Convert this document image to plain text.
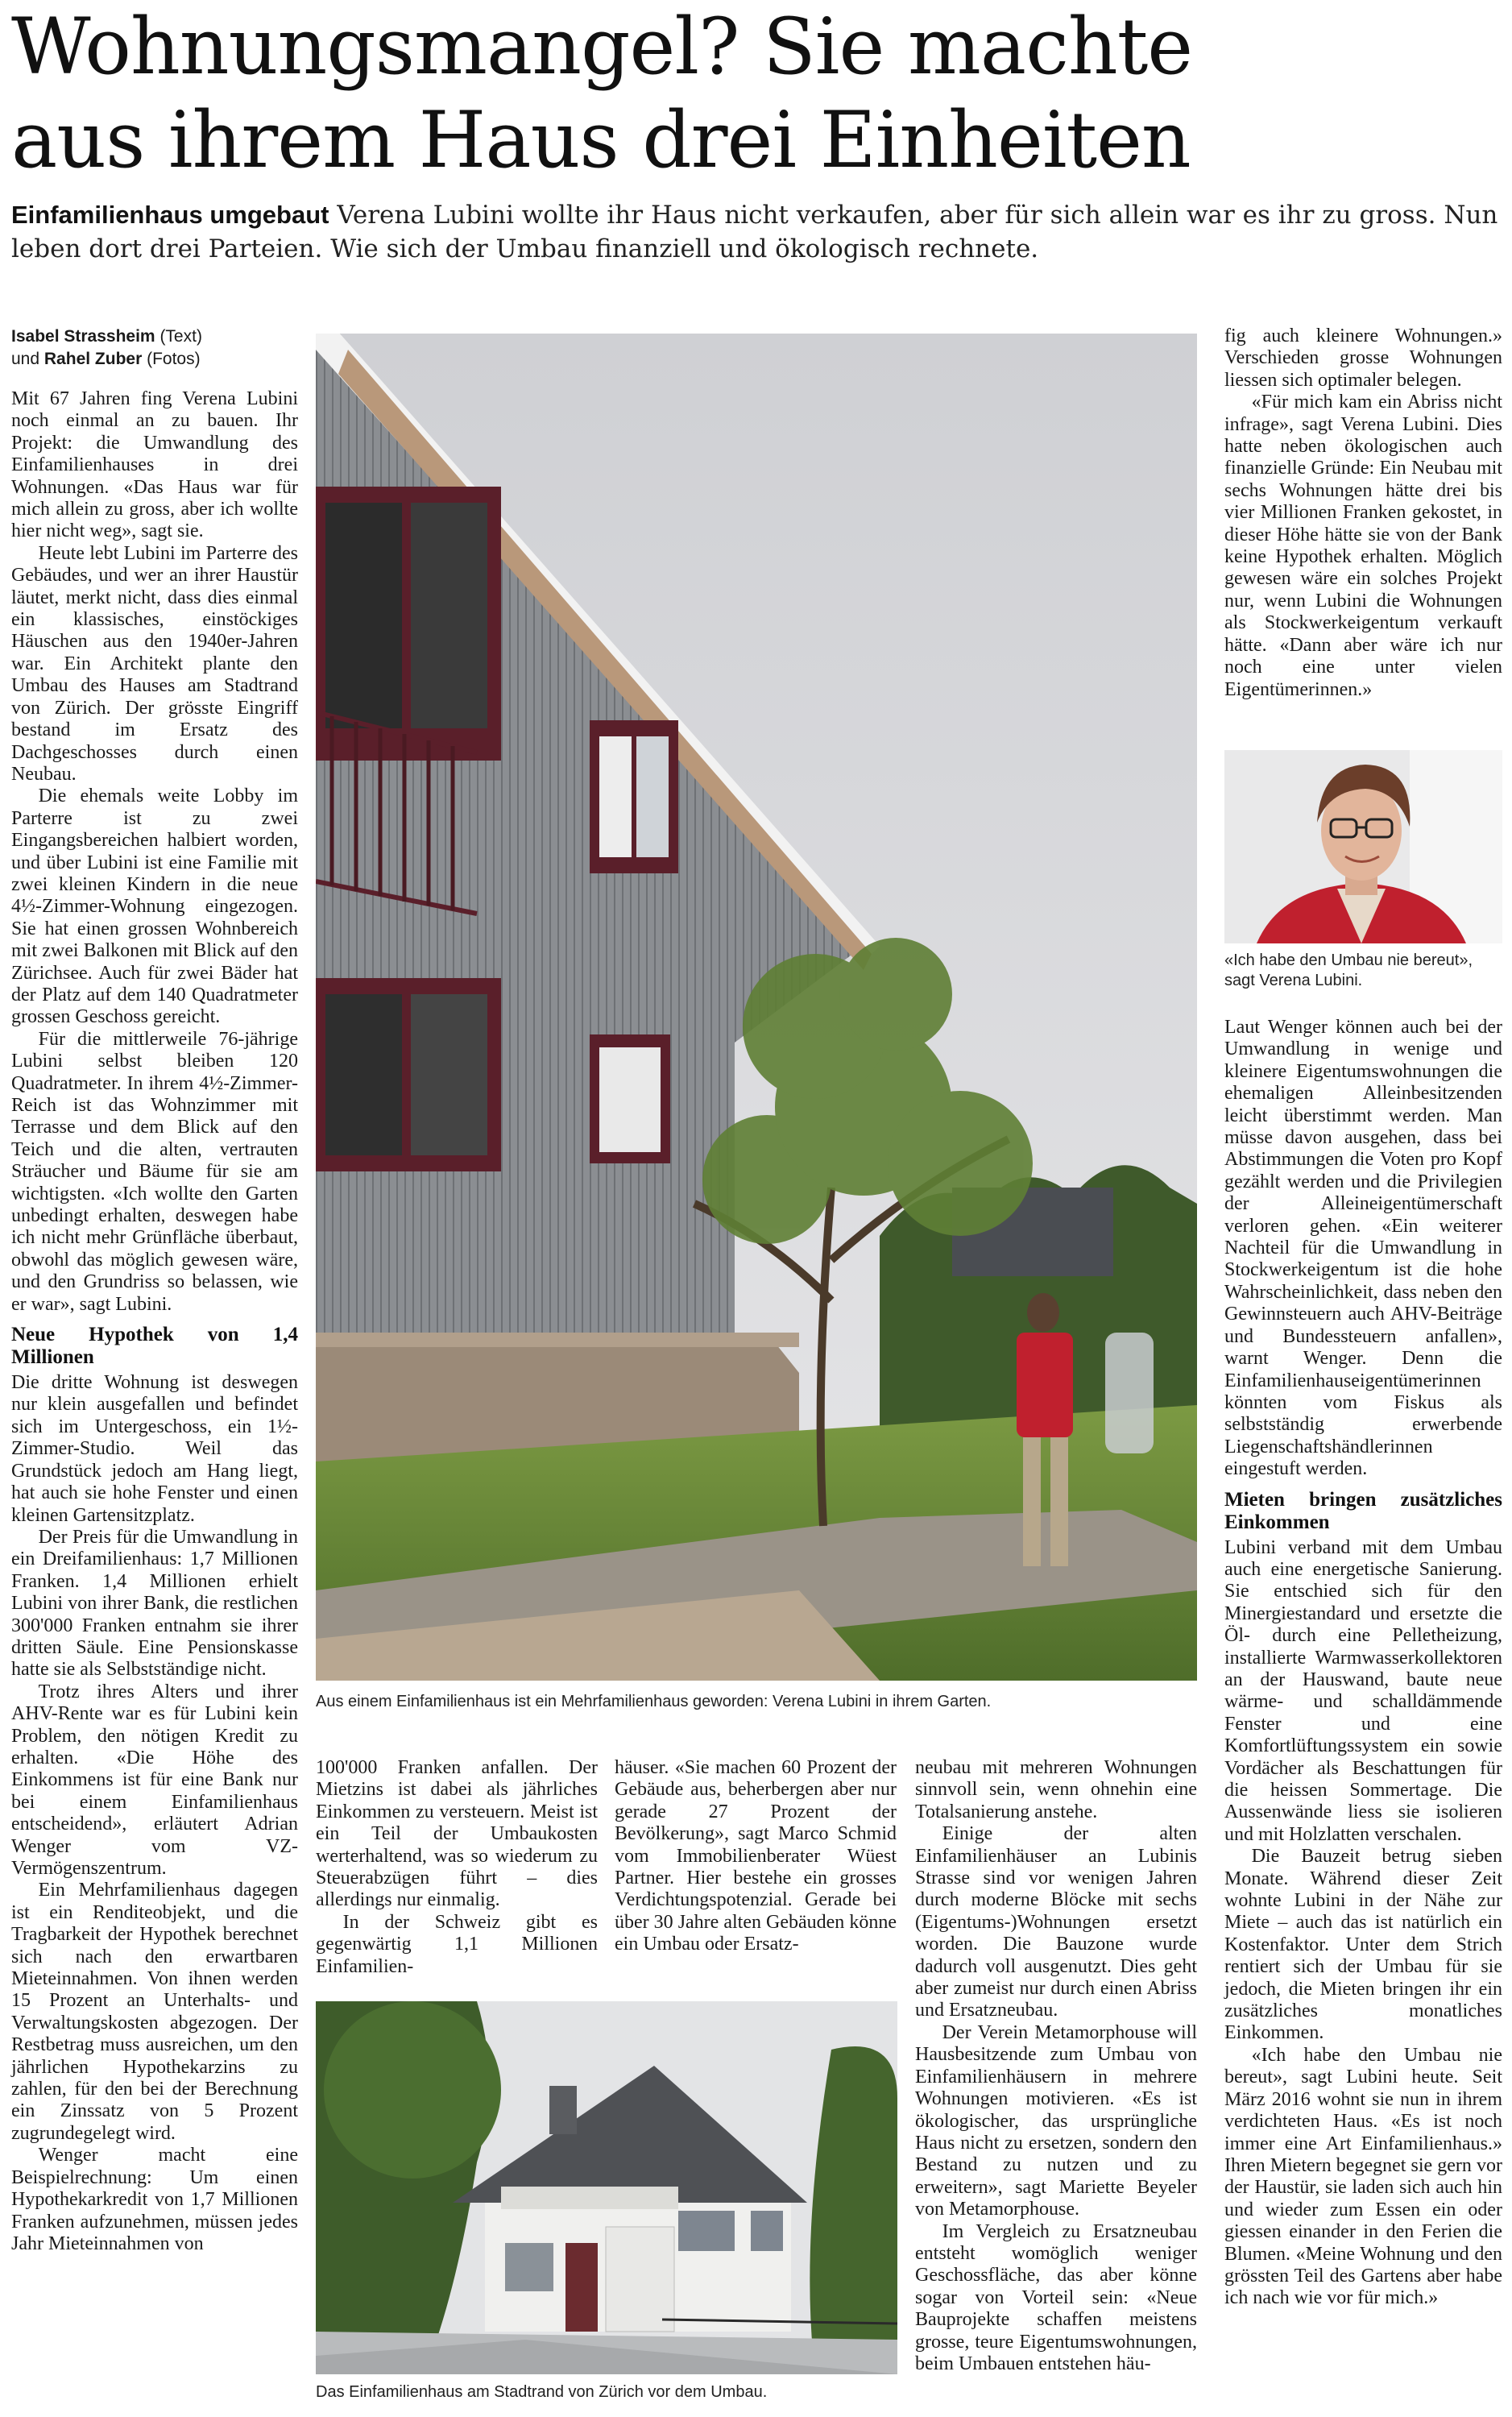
Wohnungsmangel? Sie machte
aus ihrem Haus drei Einheiten
Einfamilienhaus umgebaut Verena Lubini wollte ihr Haus nicht verkaufen, aber für sich allein war es ihr zu gross. Nun leben dort drei Parteien. Wie sich der Umbau finanziell und ökologisch rechnete.
Isabel Strassheim (Text)
und Rahel Zuber (Fotos)

Mit 67 Jahren fing Verena Lubini noch einmal an zu bauen. Ihr Projekt: die Umwandlung des Einfamilienhauses in drei Wohnungen. «Das Haus war für mich allein zu gross, aber ich wollte hier nicht weg», sagt sie.

Heute lebt Lubini im Parterre des Gebäudes, und wer an ihrer Haustür läutet, merkt nicht, dass dies einmal ein klassisches, einstöckiges Häuschen aus den 1940er-Jahren war. Ein Architekt plante den Umbau des Hauses am Stadtrand von Zürich. Der grösste Eingriff bestand im Ersatz des Dachgeschosses durch einen Neubau.

Die ehemals weite Lobby im Parterre ist zu zwei Eingangsbereichen halbiert worden, und über Lubini ist eine Familie mit zwei kleinen Kindern in die neue 4½-Zimmer-Wohnung eingezogen. Sie hat einen grossen Wohnbereich mit zwei Balkonen mit Blick auf den Zürichsee. Auch für zwei Bäder hat der Platz auf dem 140 Quadratmeter grossen Geschoss gereicht.

Für die mittlerweile 76-jährige Lubini selbst bleiben 120 Quadratmeter. In ihrem 4½-Zimmer-Reich ist das Wohnzimmer mit Terrasse und dem Blick auf den Teich und die alten, vertrauten Sträucher und Bäume für sie am wichtigsten. «Ich wollte den Garten unbedingt erhalten, deswegen habe ich nicht mehr Grünfläche überbaut, obwohl das möglich gewesen wäre, und den Grundriss so belassen, wie er war», sagt Lubini.

Neue Hypothek von 1,4 Millionen

Die dritte Wohnung ist deswegen nur klein ausgefallen und befindet sich im Untergeschoss, ein 1½-Zimmer-Studio. Weil das Grundstück jedoch am Hang liegt, hat auch sie hohe Fenster und einen kleinen Gartensitzplatz.

Der Preis für die Umwandlung in ein Dreifamilienhaus: 1,7 Millionen Franken. 1,4 Millionen erhielt Lubini von ihrer Bank, die restlichen 300'000 Franken entnahm sie ihrer dritten Säule. Eine Pensionskasse hatte sie als Selbstständige nicht.

Trotz ihres Alters und ihrer AHV-Rente war es für Lubini kein Problem, den nötigen Kredit zu erhalten. «Die Höhe des Einkommens ist für eine Bank nur bei einem Einfamilienhaus entscheidend», erläutert Adrian Wenger vom VZ-Vermögenszentrum.

Ein Mehrfamilienhaus dagegen ist ein Renditeobjekt, und die Tragbarkeit der Hypothek berechnet sich nach den erwartbaren Mieteinnahmen. Von ihnen werden 15 Prozent an Unterhalts- und Verwaltungskosten abgezogen. Der Restbetrag muss ausreichen, um den jährlichen Hypothekarzins zu zahlen, für den bei der Berechnung ein Zinssatz von 5 Prozent zugrundegelegt wird.

Wenger macht eine Beispielrechnung: Um einen Hypothekarkredit von 1,7 Millionen Franken aufzunehmen, müssen jedes Jahr Mieteinnahmen von

Aus einem Einfamilienhaus ist ein Mehrfamilienhaus geworden: Verena Lubini in ihrem Garten.

100'000 Franken anfallen. Der Mietzins ist dabei als jährliches Einkommen zu versteuern. Meist ist ein Teil der Umbaukosten werterhaltend, was so wiederum zu Steuerabzügen führt – dies allerdings nur einmalig.

In der Schweiz gibt es gegenwärtig 1,1 Millionen Einfamilien-

häuser. «Sie machen 60 Prozent der Gebäude aus, beherbergen aber nur gerade 27 Prozent der Bevölkerung», sagt Marco Schmid vom Immobilienberater Wüest Partner. Hier bestehe ein grosses Verdichtungspotenzial. Gerade bei über 30 Jahre alten Gebäuden könne ein Umbau oder Ersatz-

Das Einfamilienhaus am Stadtrand von Zürich vor dem Umbau.

neubau mit mehreren Wohnungen sinnvoll sein, wenn ohnehin eine Totalsanierung anstehe.

Einige der alten Einfamilienhäuser an Lubinis Strasse sind vor wenigen Jahren durch moderne Blöcke mit sechs (Eigentums-)Wohnungen ersetzt worden. Die Bauzone wurde dadurch voll ausgenutzt. Dies geht aber zumeist nur durch einen Abriss und Ersatzneubau.

Der Verein Metamorphouse will Hausbesitzende zum Umbau von Einfamilienhäusern in mehrere Wohnungen motivieren. «Es ist ökologischer, das ursprüngliche Haus nicht zu ersetzen, sondern den Bestand zu nutzen und zu erweitern», sagt Mariette Beyeler von Metamorphouse.

Im Vergleich zu Ersatzneubau entsteht womöglich weniger Geschossfläche, das aber könne sogar von Vorteil sein: «Neue Bauprojekte schaffen meistens grosse, teure Eigentumswohnungen, beim Umbauen entstehen häu-

fig auch kleinere Wohnungen.» Verschieden grosse Wohnungen liessen sich optimaler belegen.

«Für mich kam ein Abriss nicht infrage», sagt Verena Lubini. Dies hatte neben ökologischen auch finanzielle Gründe: Ein Neubau mit sechs Wohnungen hätte drei bis vier Millionen Franken gekostet, in dieser Höhe hätte sie von der Bank keine Hypothek erhalten. Möglich gewesen wäre ein solches Projekt nur, wenn Lubini die Wohnungen als Stockwerkeigentum verkauft hätte. «Dann aber wäre ich nur noch eine unter vielen Eigentümerinnen.»

«Ich habe den Umbau nie bereut», sagt Verena Lubini.

Laut Wenger können auch bei der Umwandlung in wenige und kleinere Eigentumswohnungen die ehemaligen Alleinbesitzenden leicht überstimmt werden. Man müsse davon ausgehen, dass bei Abstimmungen die Voten pro Kopf gezählt werden und die Privilegien der Alleineigentümerschaft verloren gehen. «Ein weiterer Nachteil für die Umwandlung in Stockwerkeigentum ist die hohe Wahrscheinlichkeit, dass neben den Gewinnsteuern auch AHV-Beiträge und Bundessteuern anfallen», warnt Wenger. Denn die Einfamilienhauseigentümerinnen könnten vom Fiskus als selbstständig erwerbende Liegenschaftshändlerinnen eingestuft werden.

Mieten bringen zusätzliches Einkommen

Lubini verband mit dem Umbau auch eine energetische Sanierung. Sie entschied sich für den Minergiestandard und ersetzte die Öl- durch eine Pelletheizung, installierte Warmwasserkollektoren an der Hauswand, baute neue wärme- und schalldämmende Fenster und eine Komfortlüftungssystem ein sowie Vordächer als Beschattungen für die heissen Sommertage. Die Aussenwände liess sie isolieren und mit Holzlatten verschalen.

Die Bauzeit betrug sieben Monate. Während dieser Zeit wohnte Lubini in der Nähe zur Miete – auch das ist natürlich ein Kostenfaktor. Unter dem Strich rentiert sich der Umbau für sie jedoch, die Mieten bringen ihr ein zusätzliches monatliches Einkommen.

«Ich habe den Umbau nie bereut», sagt Lubini heute. Seit März 2016 wohnt sie nun in ihrem verdichteten Haus. «Es ist noch immer eine Art Einfamilienhaus.» Ihren Mietern begegnet sie gern vor der Haustür, sie laden sich auch hin und wieder zum Essen ein oder giessen einander in den Ferien die Blumen. «Meine Wohnung und den grössten Teil des Gartens aber habe ich nach wie vor für mich.»
